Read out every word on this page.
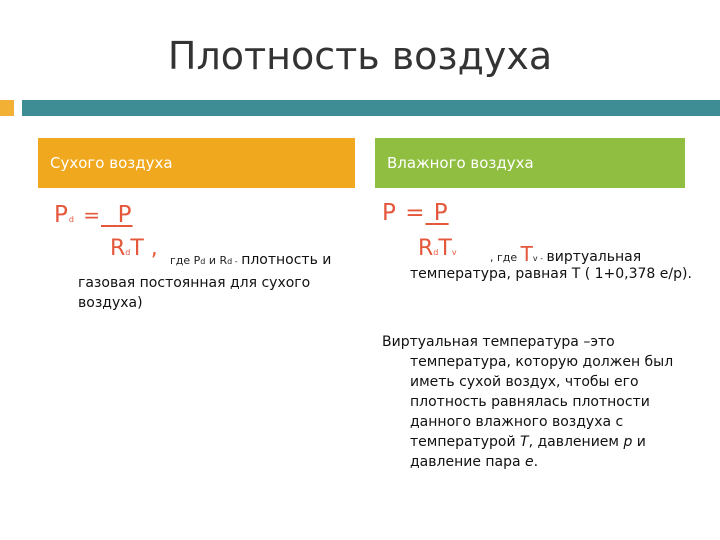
Плотность воздуха
Сухого воздуха	Влажного воздуха
Pd = P
RdT , где Pd и Rd - плотность и
газовая постоянная для сухого воздуха)
P = P
RdTv	, где Tv - виртуальная
температура, равная T ( 1+0,378 e/p).
Виртуальная температура –это
температура, которую должен был иметь сухой воздух, чтобы его плотность равнялась плотности данного влажного воздуха с температурой T, давлением p и давление пара e.
